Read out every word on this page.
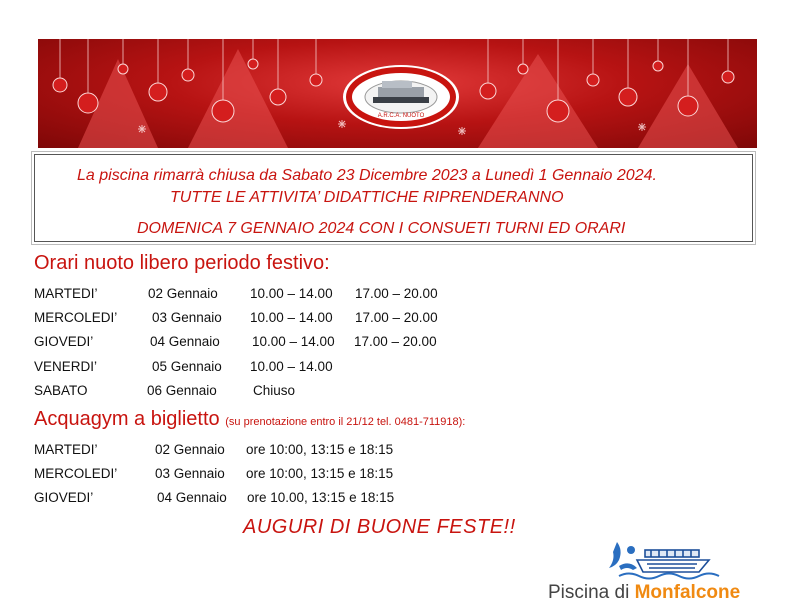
A.R.C.A. NUOTO
La piscina rimarrà chiusa da Sabato 23 Dicembre 2023 a Lunedì 1 Gennaio 2024.
TUTTE LE ATTIVITA’ DIDATTICHE RIPRENDERANNO
DOMENICA 7 GENNAIO 2024 CON I CONSUETI TURNI ED ORARI
Orari nuoto libero periodo festivo:
MARTEDI’	02 Gennaio 10.00 – 14.00 17.00 – 20.00
MERCOLEDI’	03 Gennaio 10.00 – 14.00 17.00 – 20.00
GIOVEDI’	04 Gennaio 10.00 – 14.00 17.00 – 20.00
VENERDI’	05 Gennaio 10.00 – 14.00
SABATO	06 Gennaio	Chiuso
Acquagym a biglietto (su prenotazione entro il 21/12 tel. 0481-711918):
MARTEDI’	02 Gennaio ore 10:00, 13:15 e 18:15
MERCOLEDI’	03 Gennaio ore 10:00, 13:15 e 18:15
GIOVEDI’	04 Gennaio ore 10.00, 13:15 e 18:15
AUGURI DI BUONE FESTE!!
Piscina di Monfalcone
